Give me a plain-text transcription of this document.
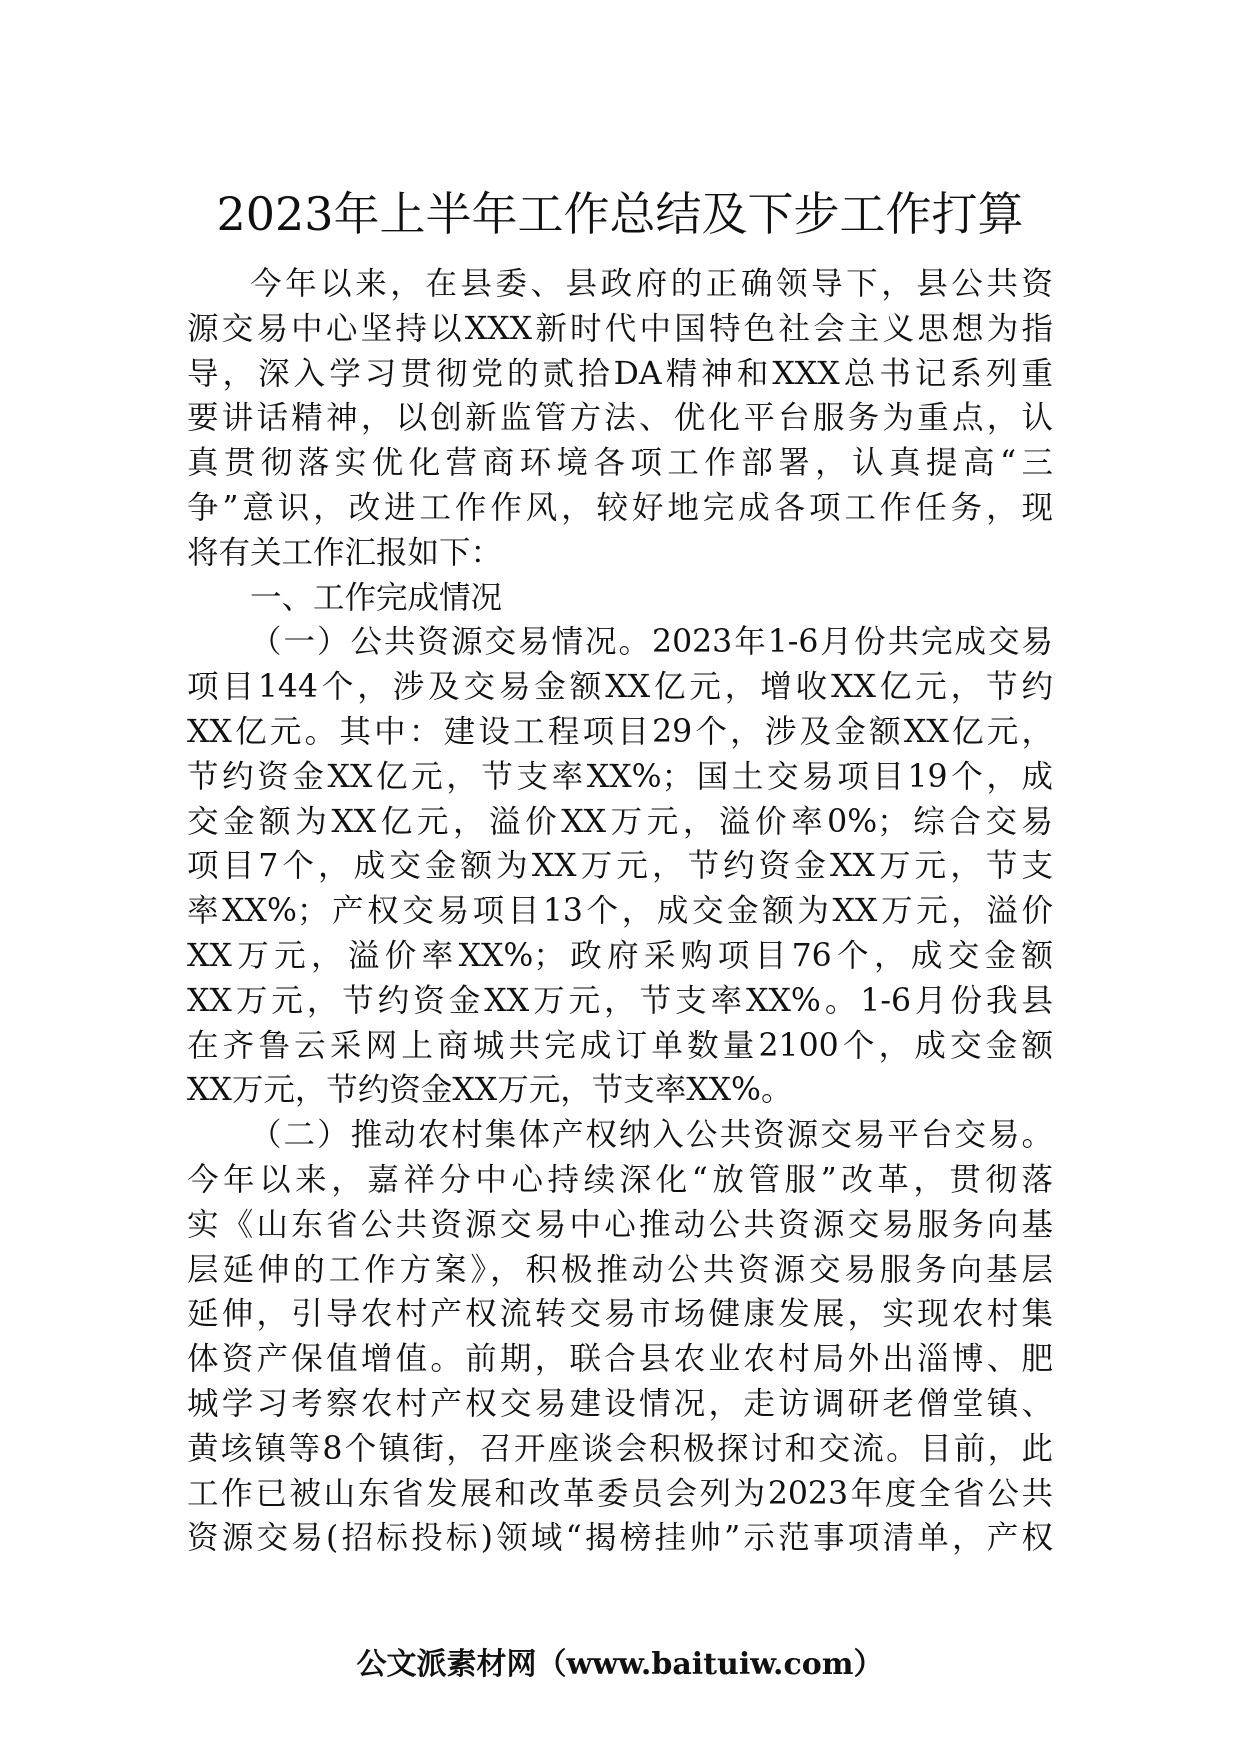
2023年上半年工作总结及下步工作打算
今年以来，在县委、县政府的正确领导下，县公共资
源交易中心坚持以XXX新时代中国特色社会主义思想为指
导，深入学习贯彻党的贰拾DA精神和XXX总书记系列重
要讲话精神，以创新监管方法、优化平台服务为重点，认
真贯彻落实优化营商环境各项工作部署，认真提高“三
争”意识，改进工作作风，较好地完成各项工作任务，现
将有关工作汇报如下：
一、工作完成情况
（一）公共资源交易情况。2023年1-6月份共完成交易
项目144个，涉及交易金额XX亿元，增收XX亿元，节约
XX亿元。其中：建设工程项目29个，涉及金额XX亿元，
节约资金XX亿元，节支率XX%；国土交易项目19个，成
交金额为XX亿元，溢价XX万元，溢价率0%；综合交易
项目7个，成交金额为XX万元，节约资金XX万元，节支
率XX%；产权交易项目13个，成交金额为XX万元，溢价
XX万元，溢价率XX%；政府采购项目76个，成交金额
XX万元，节约资金XX万元，节支率XX%。1-6月份我县
在齐鲁云采网上商城共完成订单数量2100个，成交金额
XX万元，节约资金XX万元，节支率XX%。
（二）推动农村集体产权纳入公共资源交易平台交易。
今年以来，嘉祥分中心持续深化“放管服”改革，贯彻落
实《山东省公共资源交易中心推动公共资源交易服务向基
层延伸的工作方案》，积极推动公共资源交易服务向基层
延伸，引导农村产权流转交易市场健康发展，实现农村集
体资产保值增值。前期，联合县农业农村局外出淄博、肥
城学习考察农村产权交易建设情况，走访调研老僧堂镇、
黄垓镇等8个镇街，召开座谈会积极探讨和交流。目前，此
工作已被山东省发展和改革委员会列为2023年度全省公共
资源交易(招标投标)领域“揭榜挂帅”示范事项清单，产权
公文派素材网（www.baituiw.com）
